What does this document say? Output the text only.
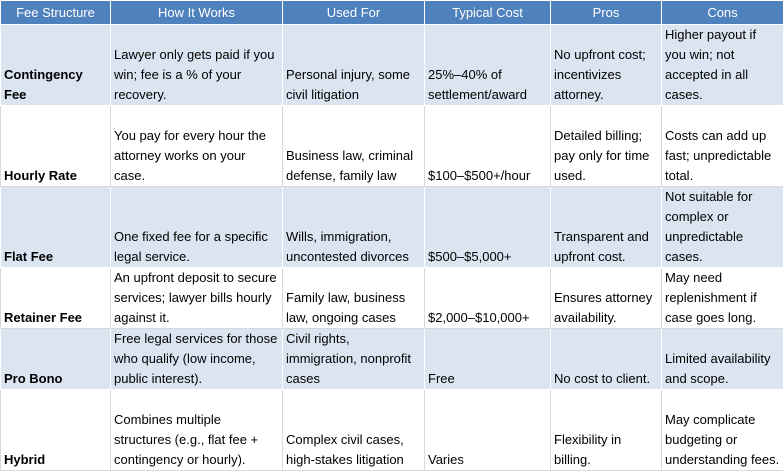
Fee Structure	How It Works	Used For	Typical Cost	Pros	Cons
Contingency Fee	Lawyer only gets paid if you win; fee is a % of your recovery.	Personal injury, some civil litigation	25%–40% of settlement/award	No upfront cost; incentivizes attorney.	Higher payout if you win; not accepted in all cases.
Hourly Rate	You pay for every hour the attorney works on your case.	Business law, criminal defense, family law	$100–$500+/hour	Detailed billing; pay only for time used.	Costs can add up fast; unpredictable total.
Flat Fee	One fixed fee for a specific legal service.	Wills, immigration, uncontested divorces	$500–$5,000+	Transparent and upfront cost.	Not suitable for complex or unpredictable cases.
Retainer Fee	An upfront deposit to secure services; lawyer bills hourly against it.	Family law, business law, ongoing cases	$2,000–$10,000+	Ensures attorney availability.	May need replenishment if case goes long.
Pro Bono	Free legal services for those who qualify (low income, public interest).	Civil rights, immigration, nonprofit cases	Free	No cost to client.	Limited availability and scope.
Hybrid	Combines multiple structures (e.g., flat fee + contingency or hourly).	Complex civil cases, high-stakes litigation	Varies	Flexibility in billing.	May complicate budgeting or understanding fees.
